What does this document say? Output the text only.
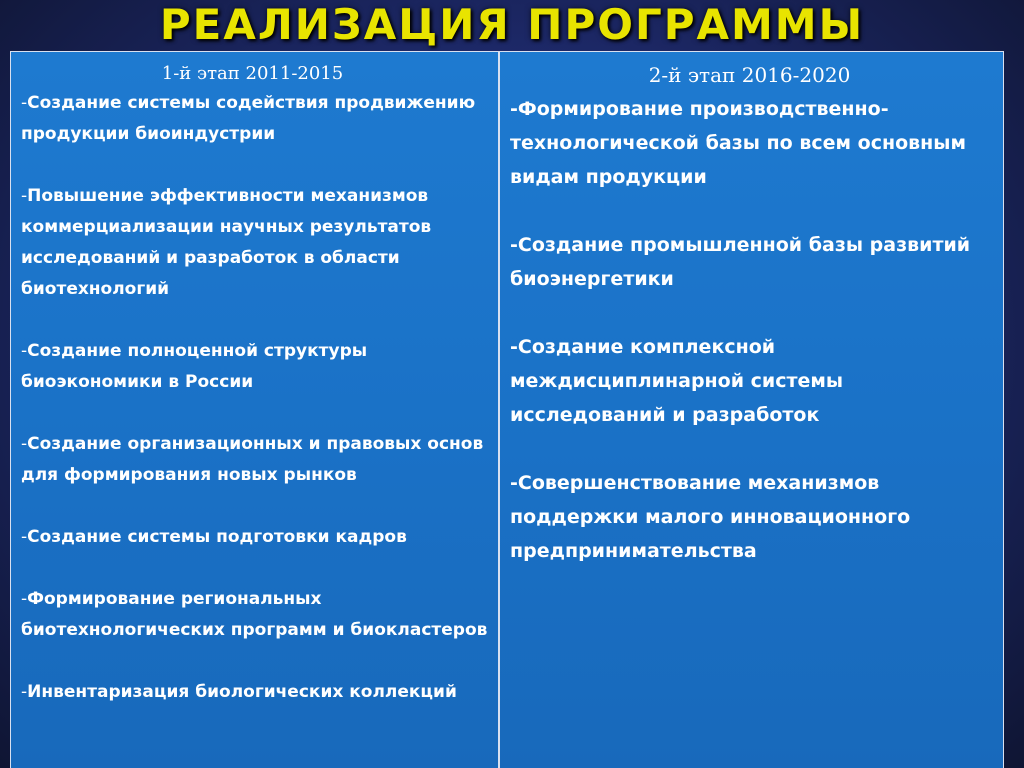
РЕАЛИЗАЦИЯ ПРОГРАММЫ
1-й этап 2011-2015

-Создание системы содействия продвижению продукции биоиндустрии

-Повышение эффективности механизмов коммерциализации научных результатов исследований и разработок в области биотехнологий

-Создание полноценной структуры биоэкономики в России

-Создание организационных и правовых основ для формирования новых рынков

-Создание системы подготовки кадров

-Формирование региональных биотехнологических программ и биокластеров

-Инвентаризация биологических коллекций

2-й этап 2016-2020

-Формирование производственно-технологической базы по всем основным видам продукции

-Создание промышленной базы развитий биоэнергетики

-Создание комплексной междисциплинарной системы исследований и разработок

-Совершенствование механизмов поддержки малого инновационного предпринимательства
